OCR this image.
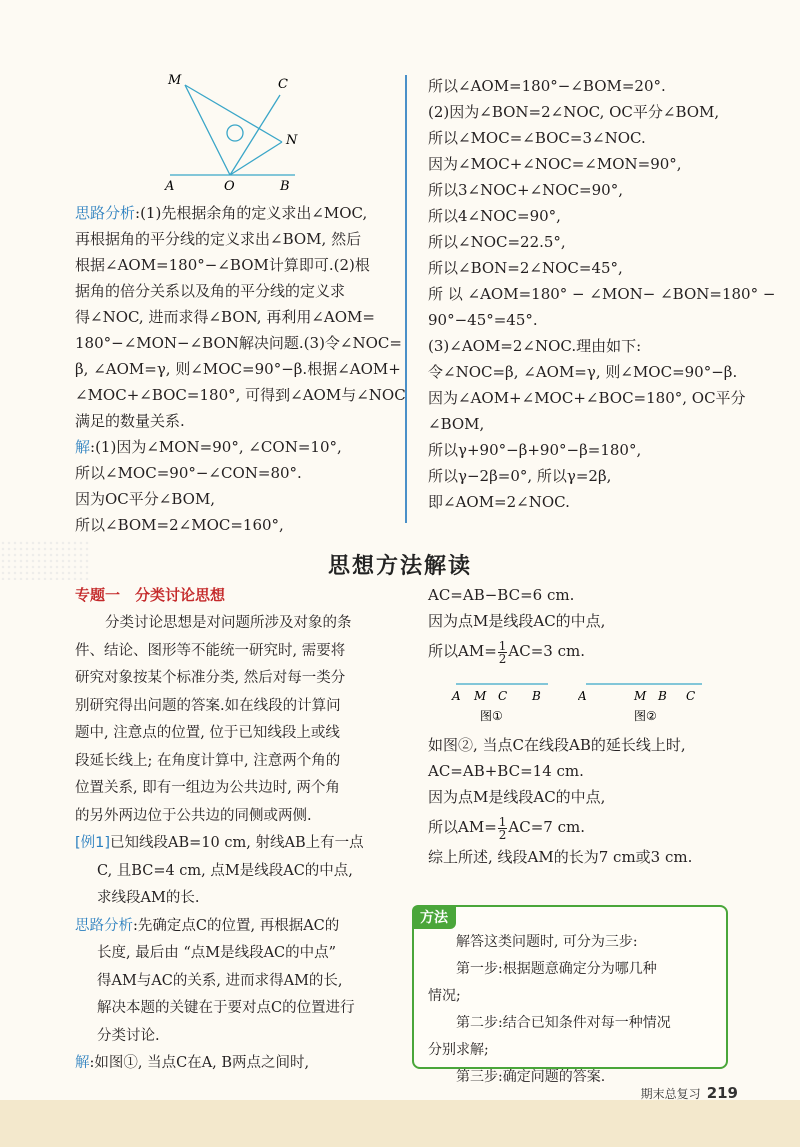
M	C
N
A	O	B
思路分析:(1)先根据余角的定义求出∠MOC,
再根据角的平分线的定义求出∠BOM, 然后
根据∠AOM=180°−∠BOM计算即可.(2)根
据角的倍分关系以及角的平分线的定义求
得∠NOC, 进而求得∠BON, 再利用∠AOM=
180°−∠MON−∠BON解决问题.(3)令∠NOC=
β, ∠AOM=γ, 则∠MOC=90°−β.根据∠AOM+
∠MOC+∠BOC=180°, 可得到∠AOM与∠NOC
满足的数量关系.
解:(1)因为∠MON=90°, ∠CON=10°,
所以∠MOC=90°−∠CON=80°.
因为OC平分∠BOM,
所以∠BOM=2∠MOC=160°,
所以∠AOM=180°−∠BOM=20°.
(2)因为∠BON=2∠NOC, OC平分∠BOM,
所以∠MOC=∠BOC=3∠NOC.
因为∠MOC+∠NOC=∠MON=90°,
所以3∠NOC+∠NOC=90°,
所以4∠NOC=90°,
所以∠NOC=22.5°,
所以∠BON=2∠NOC=45°,
所 以 ∠AOM=180° − ∠MON− ∠BON=180° −
90°−45°=45°.
(3)∠AOM=2∠NOC.理由如下:
令∠NOC=β, ∠AOM=γ, 则∠MOC=90°−β.
因为∠AOM+∠MOC+∠BOC=180°, OC平分
∠BOM,
所以γ+90°−β+90°−β=180°,
所以γ−2β=0°, 所以γ=2β,
即∠AOM=2∠NOC.
思想方法解读
专题一　分类讨论思想
分类讨论思想是对问题所涉及对象的条
件、结论、图形等不能统一研究时, 需要将
研究对象按某个标准分类, 然后对每一类分
别研究得出问题的答案.如在线段的计算问
题中, 注意点的位置, 位于已知线段上或线
段延长线上; 在角度计算中, 注意两个角的
位置关系, 即有一组边为公共边时, 两个角
的另外两边位于公共边的同侧或两侧.
[例1]已知线段AB=10 cm, 射线AB上有一点
C, 且BC=4 cm, 点M是线段AC的中点,
求线段AM的长.
思路分析:先确定点C的位置, 再根据AC的
长度, 最后由 “点M是线段AC的中点”
得AM与AC的关系, 进而求得AM的长,
解决本题的关键在于要对点C的位置进行
分类讨论.
解:如图①, 当点C在A, B两点之间时,
AC=AB−BC=6 cm.
因为点M是线段AC的中点,
所以$AM= \frac{1}{2} AC=3$ cm.
A M C B
图①
A	M B C
图②
如图②, 当点C在线段AB的延长线上时,
AC=AB+BC=14 cm.
因为点M是线段AC的中点,
所以$AM= \frac{1}{2} AC=7$ cm.
综上所述, 线段AM的长为7 cm或3 cm.
方法
解答这类问题时, 可分为三步:
第一步:根据题意确定分为哪几种
情况;
第二步:结合已知条件对每一种情况
分别求解;
第三步:确定问题的答案.
期末总复习 219
